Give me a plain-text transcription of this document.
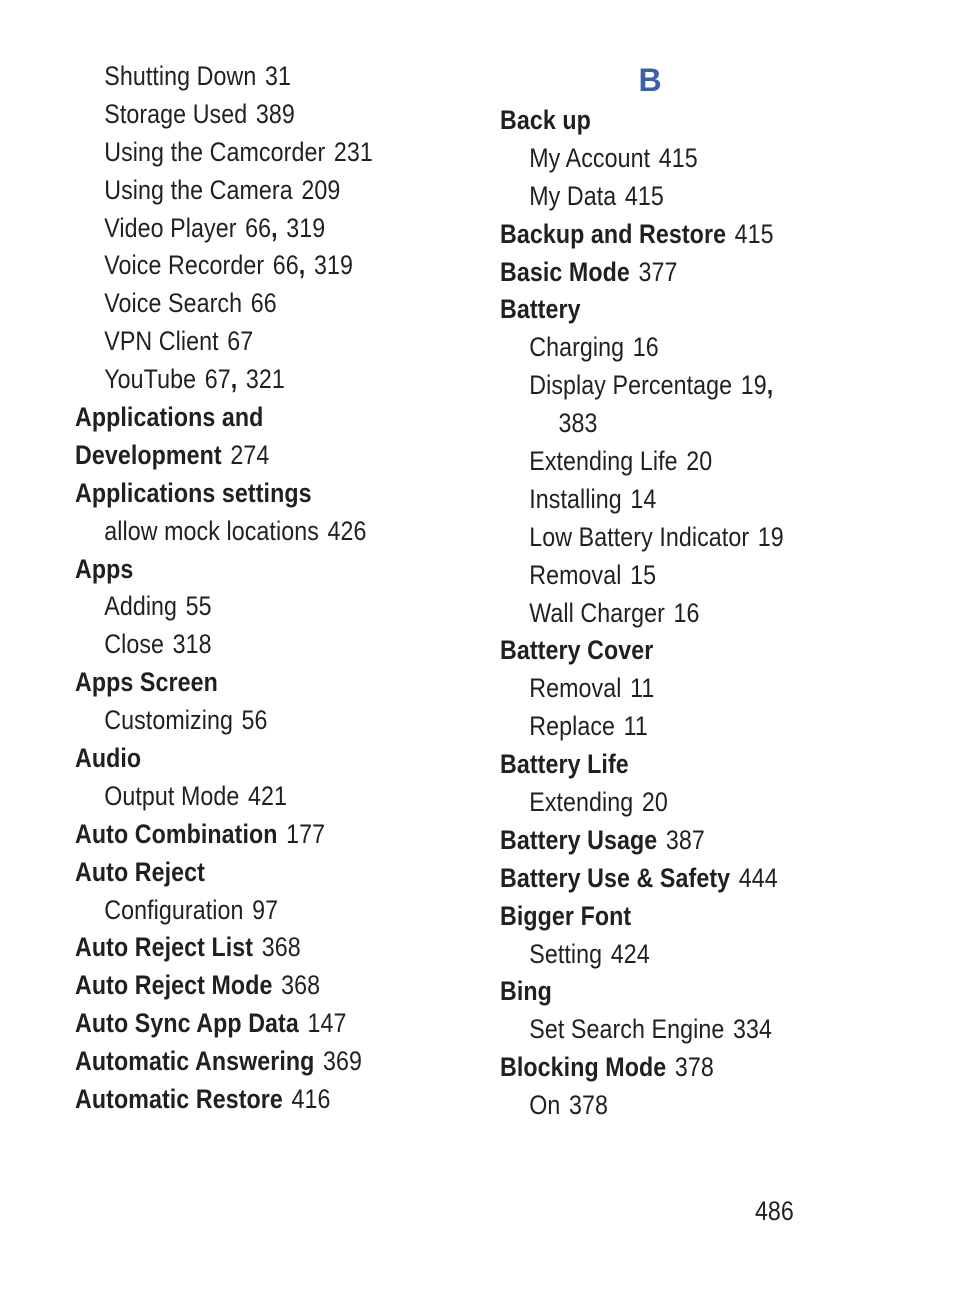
Shutting Down 31
Storage Used 389
Using the Camcorder 231
Using the Camera 209
Video Player 66, 319
Voice Recorder 66, 319
Voice Search 66
VPN Client 67
YouTube 67, 321
Applications and
Development 274
Applications settings
allow mock locations 426
Apps
Adding 55
Close 318
Apps Screen
Customizing 56
Audio
Output Mode 421
Auto Combination 177
Auto Reject
Configuration 97
Auto Reject List 368
Auto Reject Mode 368
Auto Sync App Data 147
Automatic Answering 369
Automatic Restore 416
B
Back up
My Account 415
My Data 415
Backup and Restore 415
Basic Mode 377
Battery
Charging 16
Display Percentage 19,
383
Extending Life 20
Installing 14
Low Battery Indicator 19
Removal 15
Wall Charger 16
Battery Cover
Removal 11
Replace 11
Battery Life
Extending 20
Battery Usage 387
Battery Use & Safety 444
Bigger Font
Setting 424
Bing
Set Search Engine 334
Blocking Mode 378
On 378
486
